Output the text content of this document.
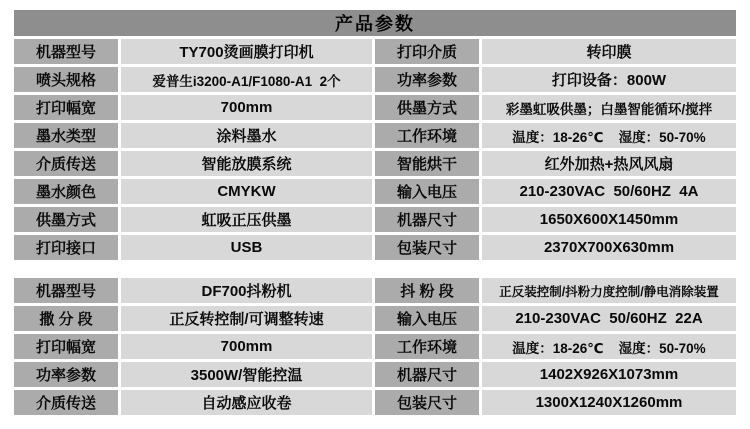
产品参数
机器型号	TY700烫画膜打印机	打印介质	转印膜
喷头规格	爱普生i3200-A1/F1080-A1  2个	功率参数	打印设备：800W
打印幅宽	700mm	供墨方式	彩墨虹吸供墨；白墨智能循环/搅拌
墨水类型	涂料墨水	工作环境	温度：18-26℃    湿度：50-70%
介质传送	智能放膜系统	智能烘干	红外加热+热风风扇
墨水颜色	CMYKW	输入电压	210-230VAC  50/60HZ  4A
供墨方式	虹吸正压供墨	机器尺寸	1650X600X1450mm
打印接口	USB	包装尺寸	2370X700X630mm
机器型号	DF700抖粉机	抖 粉 段	正反装控制/抖粉力度控制/静电消除装置
撒 分 段	正反转控制/可调整转速	输入电压	210-230VAC  50/60HZ  22A
打印幅宽	700mm	工作环境	温度：18-26℃    湿度：50-70%
功率参数	3500W/智能控温	机器尺寸	1402X926X1073mm
介质传送	自动感应收卷	包装尺寸	1300X1240X1260mm
